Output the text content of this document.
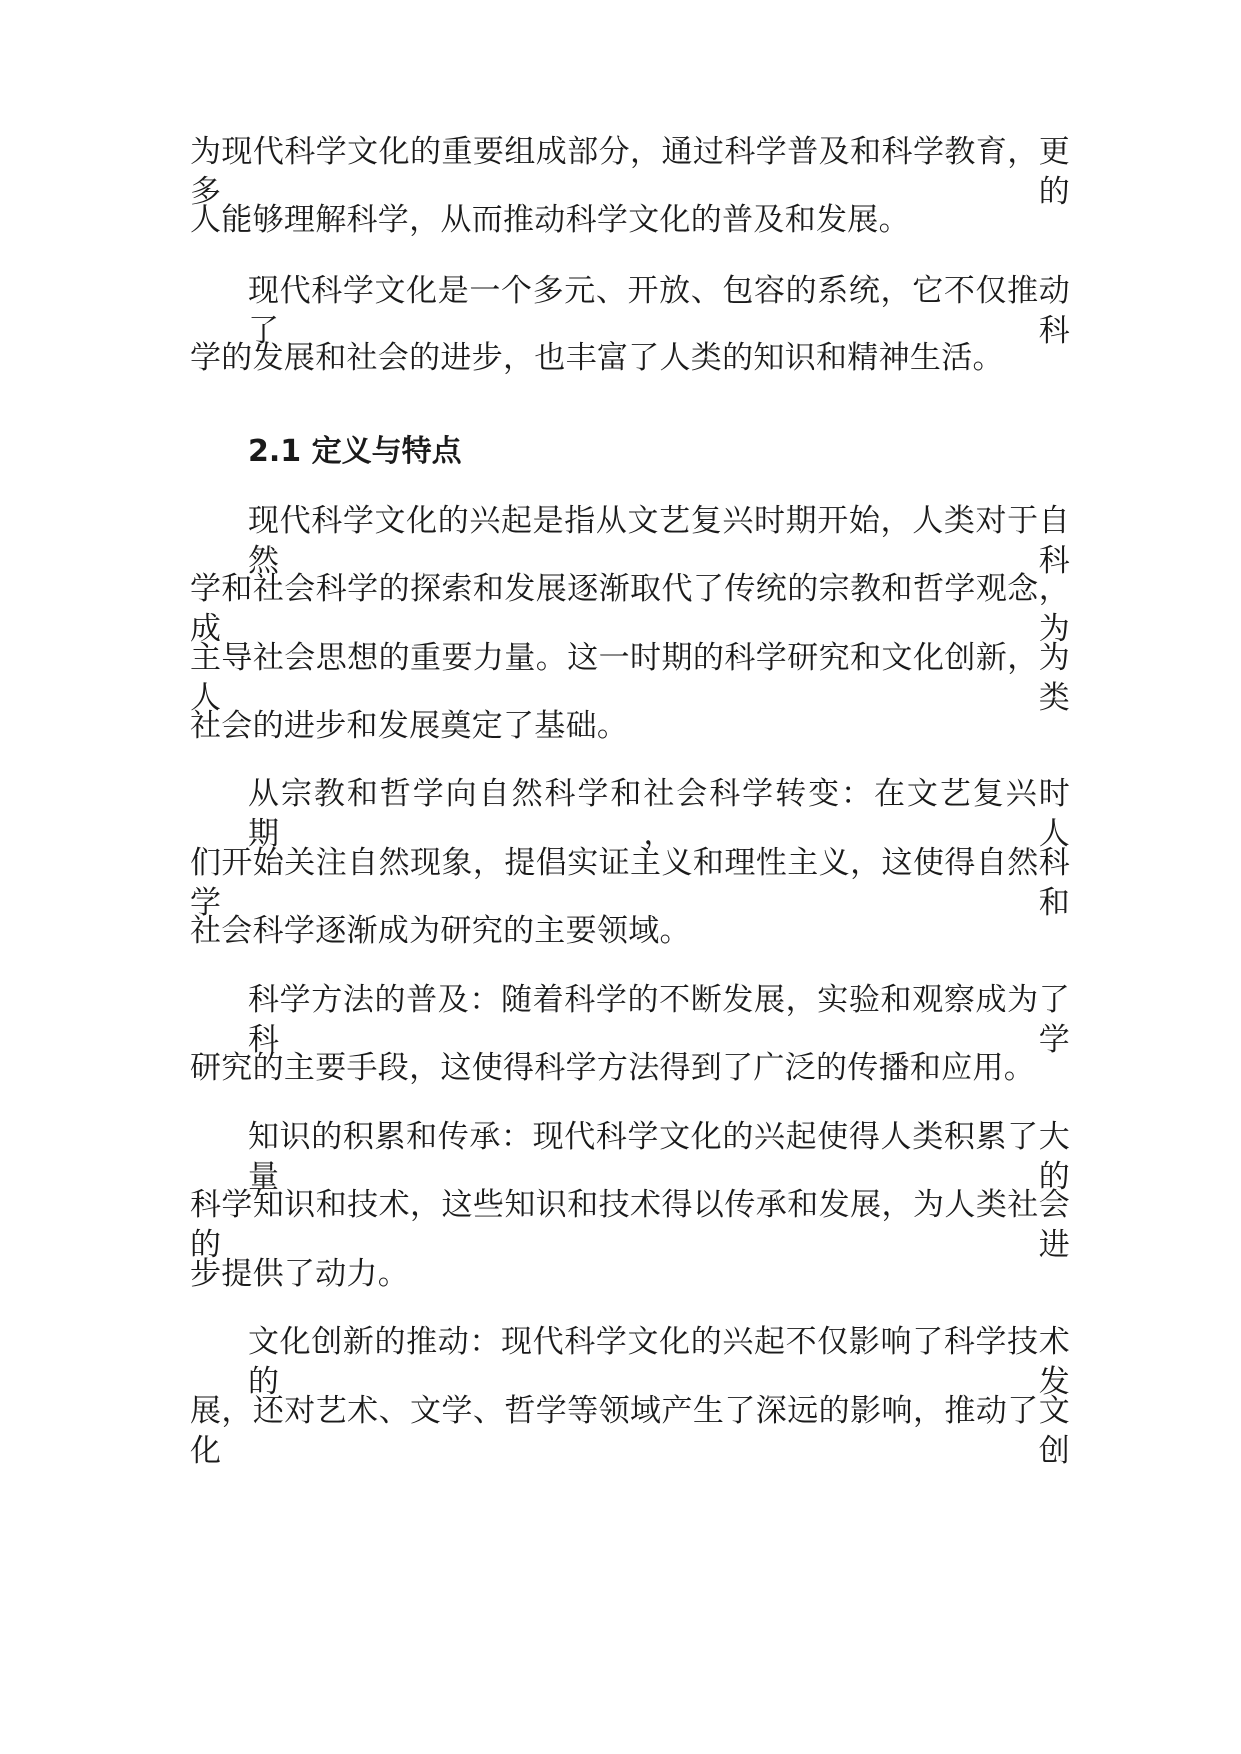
为现代科学文化的重要组成部分，通过科学普及和科学教育，更多的
人能够理解科学，从而推动科学文化的普及和发展。
现代科学文化是一个多元、开放、包容的系统，它不仅推动了科
学的发展和社会的进步，也丰富了人类的知识和精神生活。
2.1 定义与特点
现代科学文化的兴起是指从文艺复兴时期开始，人类对于自然科
学和社会科学的探索和发展逐渐取代了传统的宗教和哲学观念，成为
主导社会思想的重要力量。这一时期的科学研究和文化创新，为人类
社会的进步和发展奠定了基础。
从宗教和哲学向自然科学和社会科学转变：在文艺复兴时期，人
们开始关注自然现象，提倡实证主义和理性主义，这使得自然科学和
社会科学逐渐成为研究的主要领域。
科学方法的普及：随着科学的不断发展，实验和观察成为了科学
研究的主要手段，这使得科学方法得到了广泛的传播和应用。
知识的积累和传承：现代科学文化的兴起使得人类积累了大量的
科学知识和技术，这些知识和技术得以传承和发展，为人类社会的进
步提供了动力。
文化创新的推动：现代科学文化的兴起不仅影响了科学技术的发
展，还对艺术、文学、哲学等领域产生了深远的影响，推动了文化创
